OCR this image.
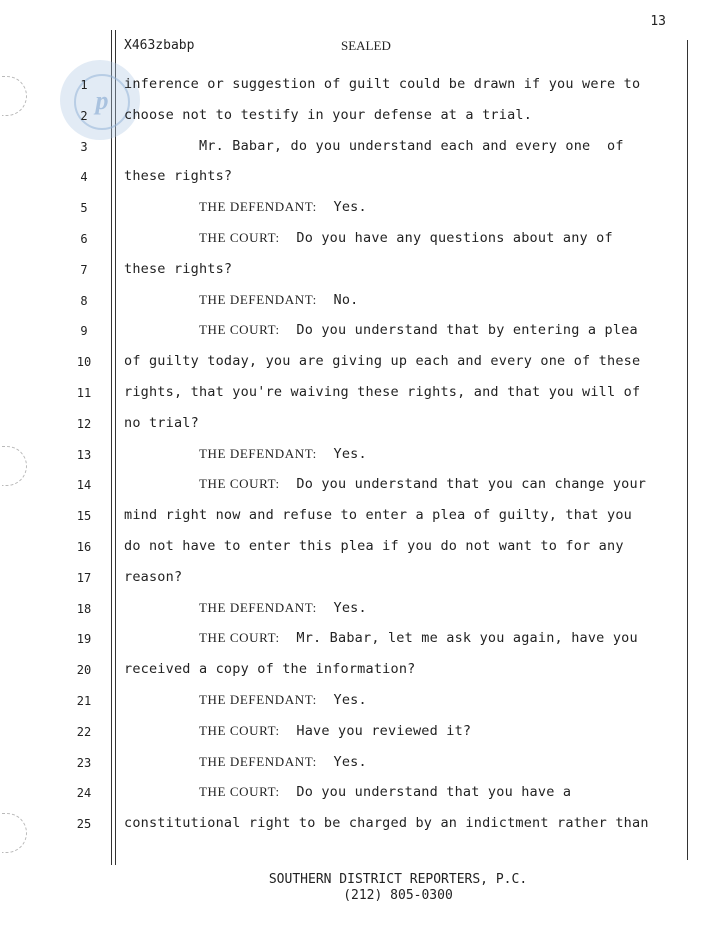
13
X463zbabp	SEALED
p
1	inference or suggestion of guilt could be drawn if you were to
2	choose not to testify in your defense at a trial.
3	Mr. Babar, do you understand each and every one  of
4	these rights?
5	THE DEFENDANT: Yes.
6	THE COURT: Do you have any questions about any of
7	these rights?
8	THE DEFENDANT: No.
9	THE COURT: Do you understand that by entering a plea
10	of guilty today, you are giving up each and every one of these
11	rights, that you're waiving these rights, and that you will of
12	no trial?
13	THE DEFENDANT: Yes.
14	THE COURT: Do you understand that you can change your
15	mind right now and refuse to enter a plea of guilty, that you
16	do not have to enter this plea if you do not want to for any
17	reason?
18	THE DEFENDANT: Yes.
19	THE COURT: Mr. Babar, let me ask you again, have you
20	received a copy of the information?
21	THE DEFENDANT: Yes.
22	THE COURT: Have you reviewed it?
23	THE DEFENDANT: Yes.
24	THE COURT: Do you understand that you have a
25	constitutional right to be charged by an indictment rather than
SOUTHERN DISTRICT REPORTERS, P.C.
(212) 805-0300
